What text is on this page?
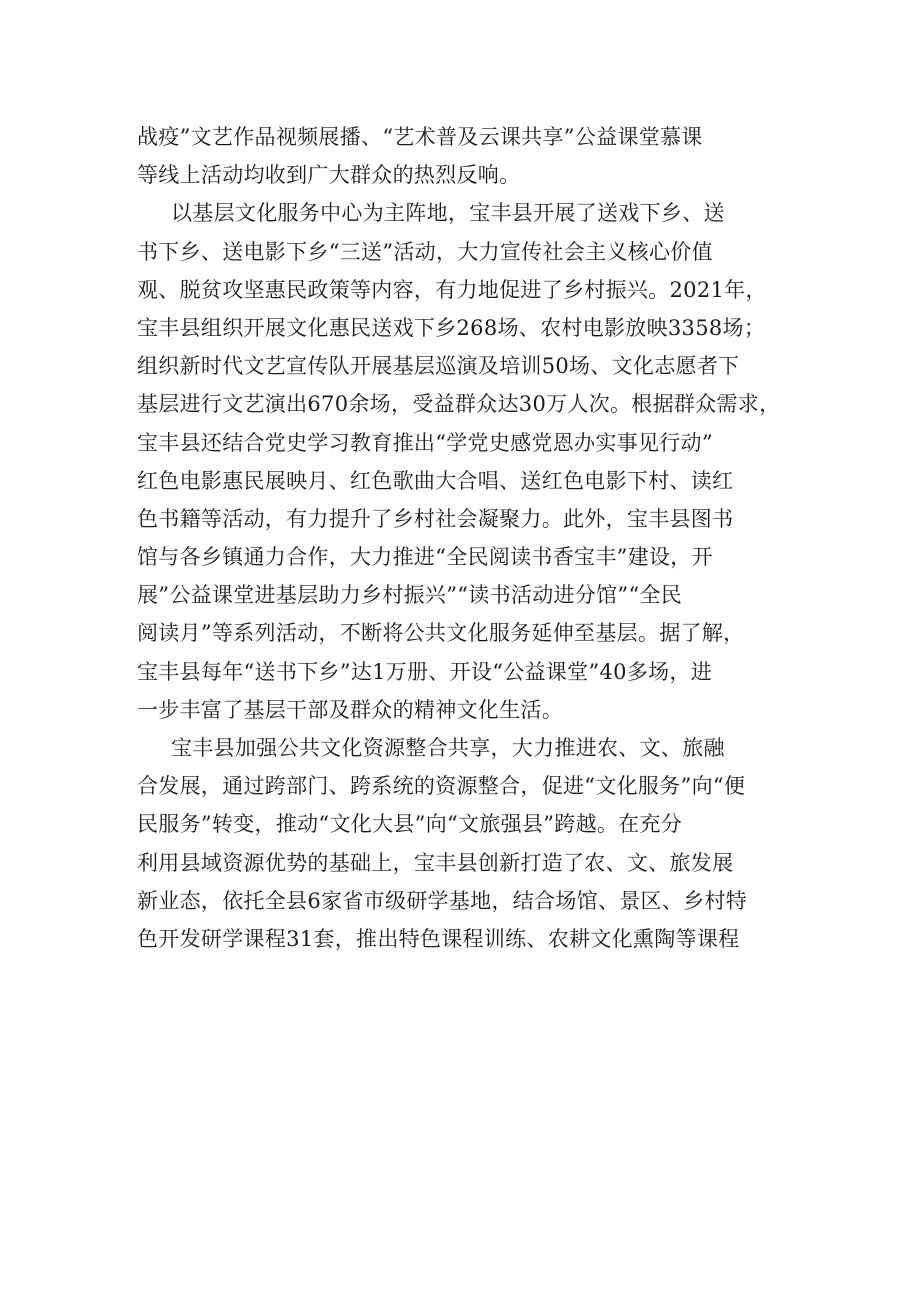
战疫”文艺作品视频展播、“艺术普及云课共享”公益课堂慕课
等线上活动均收到广大群众的热烈反响。
以基层文化服务中心为主阵地，宝丰县开展了送戏下乡、送
书下乡、送电影下乡“三送”活动，大力宣传社会主义核心价值
观、脱贫攻坚惠民政策等内容，有力地促进了乡村振兴。2021年，
宝丰县组织开展文化惠民送戏下乡268场、农村电影放映3358场；
组织新时代文艺宣传队开展基层巡演及培训50场、文化志愿者下
基层进行文艺演出670余场，受益群众达30万人次。根据群众需求，
宝丰县还结合党史学习教育推出“学党史感党恩办实事见行动”
红色电影惠民展映月、红色歌曲大合唱、送红色电影下村、读红
色书籍等活动，有力提升了乡村社会凝聚力。此外，宝丰县图书
馆与各乡镇通力合作，大力推进“全民阅读书香宝丰”建设，开
展”公益课堂进基层助力乡村振兴”“读书活动进分馆”“全民
阅读月”等系列活动，不断将公共文化服务延伸至基层。据了解，
宝丰县每年“送书下乡”达1万册、开设“公益课堂”40多场，进
一步丰富了基层干部及群众的精神文化生活。
宝丰县加强公共文化资源整合共享，大力推进农、文、旅融
合发展，通过跨部门、跨系统的资源整合，促进“文化服务”向“便
民服务”转变，推动“文化大县”向“文旅强县”跨越。在充分
利用县域资源优势的基础上，宝丰县创新打造了农、文、旅发展
新业态，依托全县6家省市级研学基地，结合场馆、景区、乡村特
色开发研学课程31套，推出特色课程训练、农耕文化熏陶等课程
